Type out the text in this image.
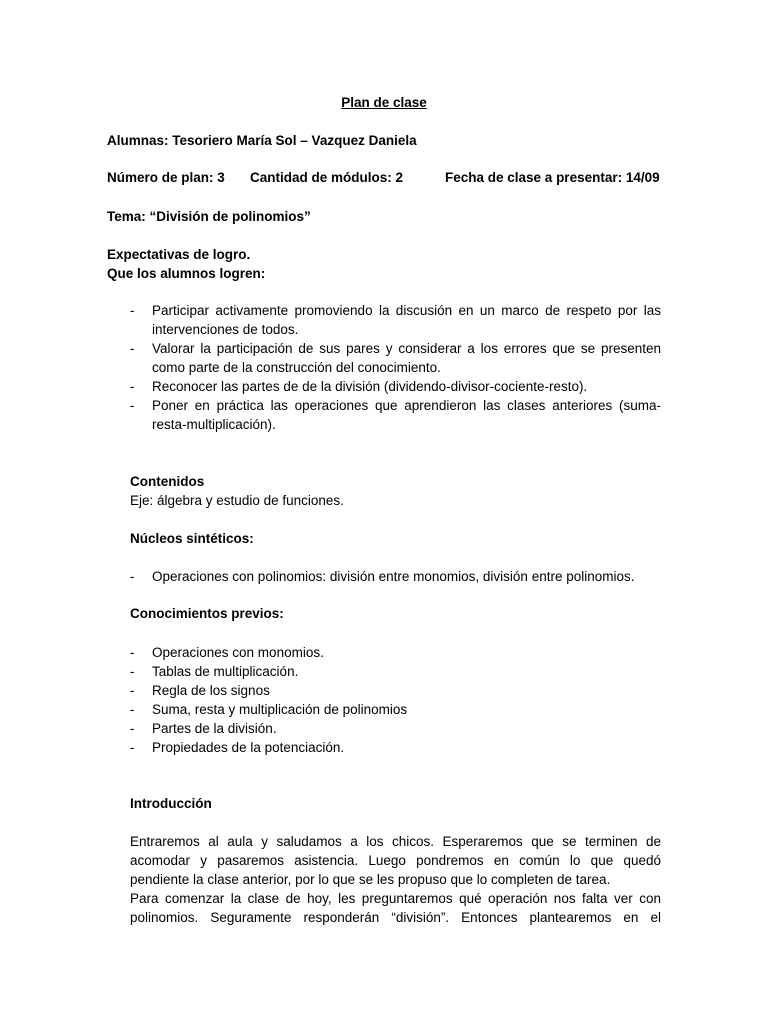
Plan de clase
Alumnas: Tesoriero María Sol – Vazquez Daniela
Número de plan: 3 Cantidad de módulos: 2	Fecha de clase a presentar: 14/09
Tema: “División de polinomios”
Expectativas de logro.
Que los alumnos logren:
- Participar activamente promoviendo la discusión en un marco de respeto por las intervenciones de todos.
- Valorar la participación de sus pares y considerar a los errores que se presenten como parte de la construcción del conocimiento.
- Reconocer las partes de de la división (dividendo-divisor-cociente-resto).
- Poner en práctica las operaciones que aprendieron las clases anteriores (suma-resta-multiplicación).
Contenidos
Eje: álgebra y estudio de funciones.
Núcleos sintéticos:
- Operaciones con polinomios: división entre monomios, división entre polinomios.
Conocimientos previos:
- Operaciones con monomios.
- Tablas de multiplicación.
- Regla de los signos
- Suma, resta y multiplicación de polinomios
- Partes de la división.
- Propiedades de la potenciación.
Introducción
Entraremos al aula y saludamos a los chicos. Esperaremos que se terminen de
acomodar y pasaremos asistencia. Luego pondremos en común lo que quedó
pendiente la clase anterior, por lo que se les propuso que lo completen de tarea.
Para comenzar la clase de hoy, les preguntaremos qué operación nos falta ver con
polinomios. Seguramente responderán “división”. Entonces plantearemos en el
